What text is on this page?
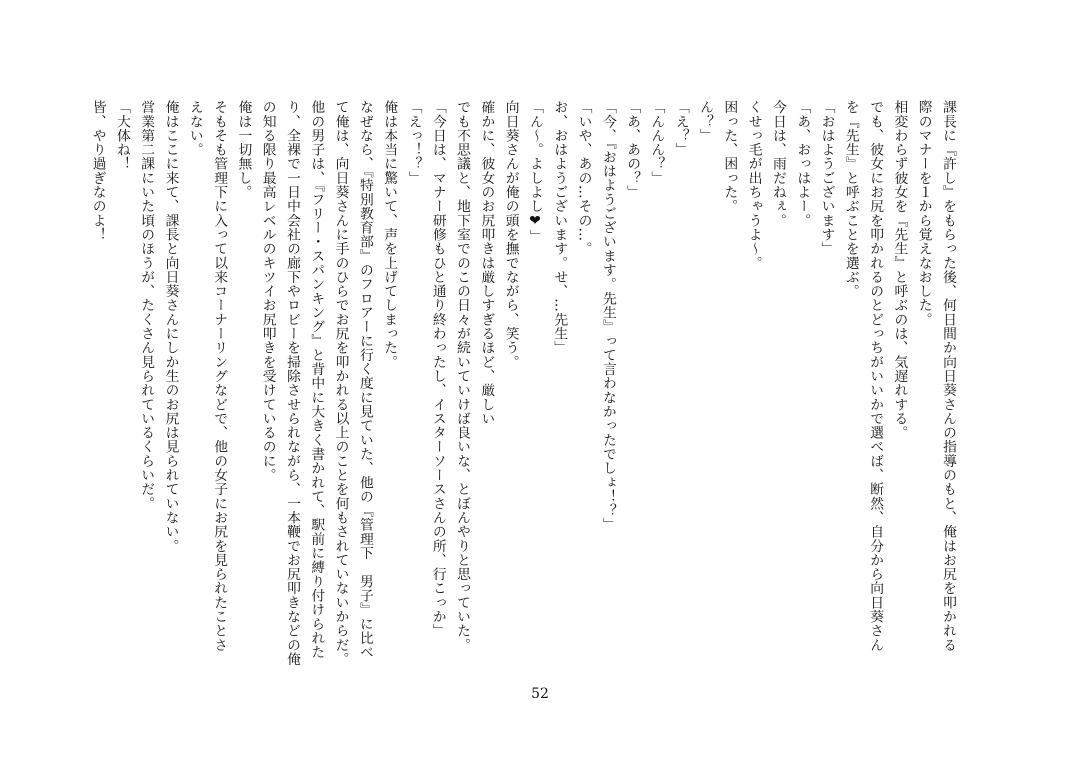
課長に『許し』をもらった後、何日間か向日葵さんの指導のもと、俺はお尻を叩かれる
際のマナーを１から覚えなおした。
相変わらず彼女を『先生』と呼ぶのは、気遅れする。
でも、彼女にお尻を叩かれるのとどっちがいいかで選べば、断然、自分から向日葵さん
を『先生』と呼ぶことを選ぶ。
「おはようございます」
「あ、おっはよー。
今日は、雨だねぇ。
くせっ毛が出ちゃうよ～。
困った、困った。
ん？」
「え？」
「んんん？」
「あ、あの？」
「今、『おはようございます。先生』って言わなかったでしょ！？」
「いや、あの…その…。
お、おはようございます。せ、…先生」
「ん～。よしよし❤」
向日葵さんが俺の頭を撫でながら、笑う。
確かに、彼女のお尻叩きは厳しすぎるほど、厳しい
でも不思議と、地下室でのこの日々が続いていけば良いな、とぼんやりと思っていた。
「今日は、マナー研修もひと通り終わったし、イスターソースさんの所、行こっか」
「えっ！？」
俺は本当に驚いて、声を上げてしまった。
なぜなら、『特別教育部』のフロアーに行く度に見ていた、他の『管理下　男子』に比べ
て俺は、向日葵さんに手のひらでお尻を叩かれる以上のことを何もされていないからだ。
他の男子は、『フリー・スパンキング』と背中に大きく書かれて、駅前に縛り付けられた
り、全裸で一日中会社の廊下やロビーを掃除させられながら、一本鞭でお尻叩きなどの俺
の知る限り最高レベルのキツイお尻叩きを受けているのに。
俺は一切無し。
そもそも管理下に入って以来コーナーリングなどで、他の女子にお尻を見られたことさ
えない。
俺はここに来て、課長と向日葵さんにしか生のお尻は見られていない。
営業第二課にいた頃のほうが、たくさん見られているくらいだ。
「大体ね！
皆、やり過ぎなのよ！
52
